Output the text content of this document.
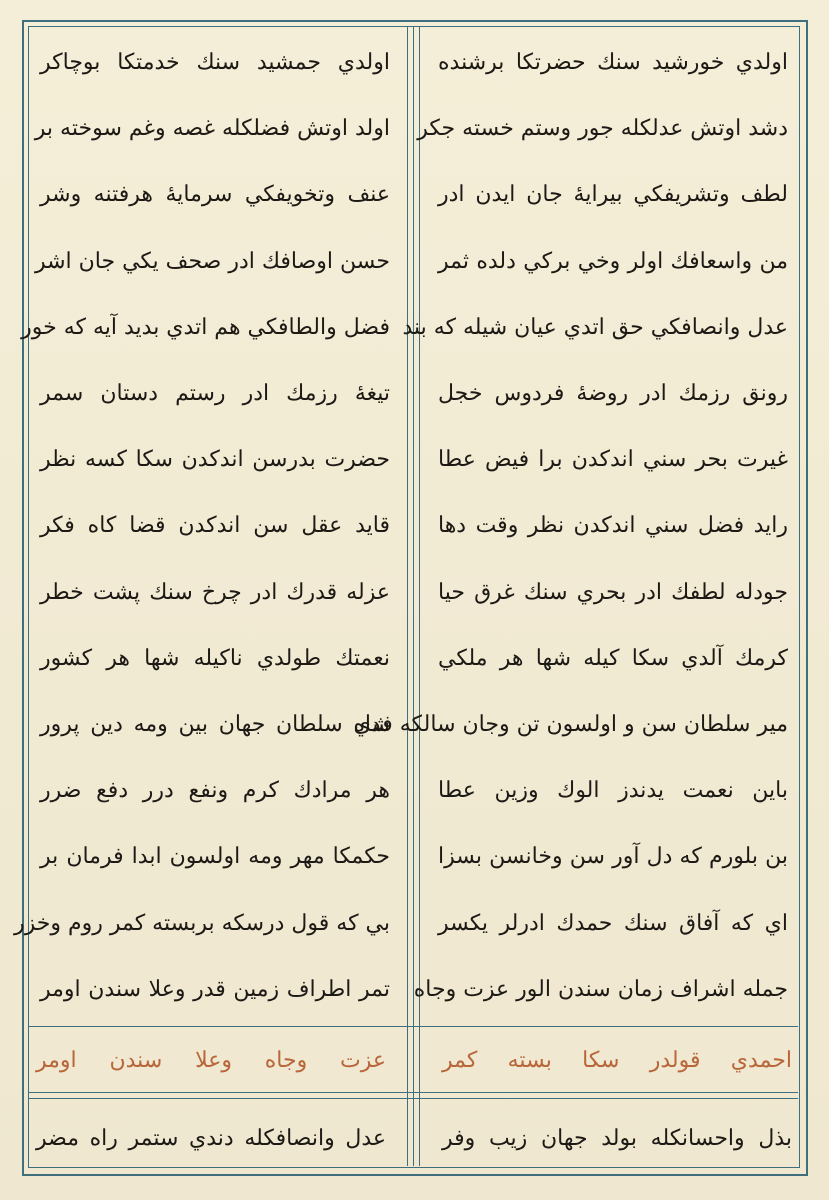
اولدي خورشيد سنك حضرتكا برشنده
دشد اوتش عدلكله جور وستم خسته جكر
لطف وتشريفكي بيرايهٔ جان ايدن ادر
من واسعافك اولر وخي بركي دلده ثمر
عدل وانصافكي حق اتدي عيان شيله كه بند
رونق رزمك ادر روضهٔ فردوس خجل
غيرت بحر سني اندكدن برا فيض عطا
رايد فضل سني اندكدن نظر وقت دها
جودله لطفك ادر بحري سنك غرق حيا
كرمك آلدي سكا كيله شها هر ملكي
مير سلطان سن و اولسون تن وجان سالكه فدي
باين نعمت يدندز الوك وزين عطا
بن بلورم كه دل آور سن وخانسن بسزا
اي كه آفاق سنك حمدك ادرلر يكسر
جمله اشراف زمان سندن الور عزت وجاه
اولدي جمشيد سنك خدمتكا بوچاكر
اولد اوتش فضلكله غصه وغم سوخته بر
عنف وتخويفكي سرمايهٔ هرفتنه وشر
حسن اوصافك ادر صحف يكي جان اشر
فضل والطافكي هم اتدي بديد آيه كه خور
تيغهٔ رزمك ادر رستم دستان سمر
حضرت بدرسن اندكدن سكا كسه نظر
قايد عقل سن اندكدن قضا كاه فكر
عزله قدرك ادر چرخ سنك پشت خطر
نعمتك طولدي ناكيله شها هر كشور
شاه سلطان جهان بين ومه دين پرور
هر مرادك كرم ونفع درر دفع ضرر
حكمكا مهر ومه اولسون ابدا فرمان بر
بي كه قول درسكه بربسته كمر روم وخزر
تمر اطراف زمين قدر وعلا سندن اومر
عزت وجاه وعلا سندن اومر	احمدي قولدر سكا بسته كمر
عدل وانصافكله دندي ستمر راه مضر	بذل واحسانكله بولد جهان زيب وفر
